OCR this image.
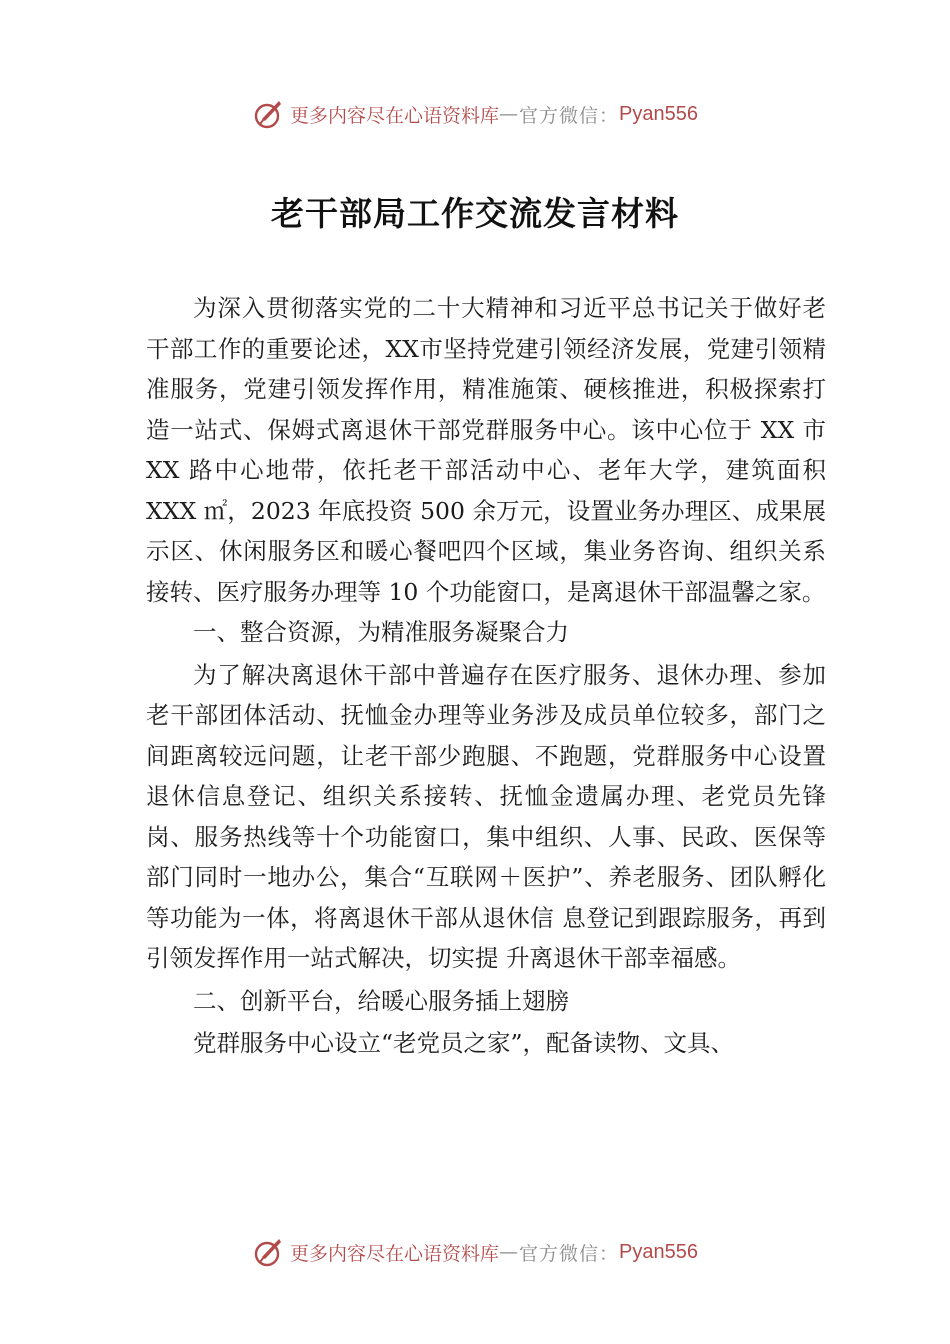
更多内容尽在心语资料库 — 官方微信： Pyan556
老干部局工作交流发言材料

为深入贯彻落实党的二十大精神和习近平总书记关于做好老干部工作的重要论述，XX市坚持党建引领经济发展，党建引领精准服务，党建引领发挥作用，精准施策、硬核推进，积极探索打造一站式、保姆式离退休干部党群服务中心。该中心位于 XX 市 XX 路中心地带，依托老干部活动中心、老年大学，建筑面积 XXX ㎡，2023 年底投资 500 余万元，设置业务办理区、成果展示区、休闲服务区和暖心餐吧四个区域，集业务咨询、组织关系接转、医疗服务办理等 10 个功能窗口，是离退休干部温馨之家。

一、整合资源，为精准服务凝聚合力

为了解决离退休干部中普遍存在医疗服务、退休办理、参加老干部团体活动、抚恤金办理等业务涉及成员单位较多，部门之间距离较远问题，让老干部少跑腿、不跑题，党群服务中心设置退休信息登记、组织关系接转、抚恤金遗属办理、老党员先锋岗、服务热线等十个功能窗口，集中组织、人事、民政、医保等部门同时一地办公，集合“互联网＋医护”、养老服务、团队孵化等功能为一体，将离退休干部从退休信 息登记到跟踪服务，再到引领发挥作用一站式解决，切实提 升离退休干部幸福感。

二、创新平台，给暖心服务插上翅膀

党群服务中心设立“老党员之家”，配备读物、文具、

更多内容尽在心语资料库 — 官方微信： Pyan556
